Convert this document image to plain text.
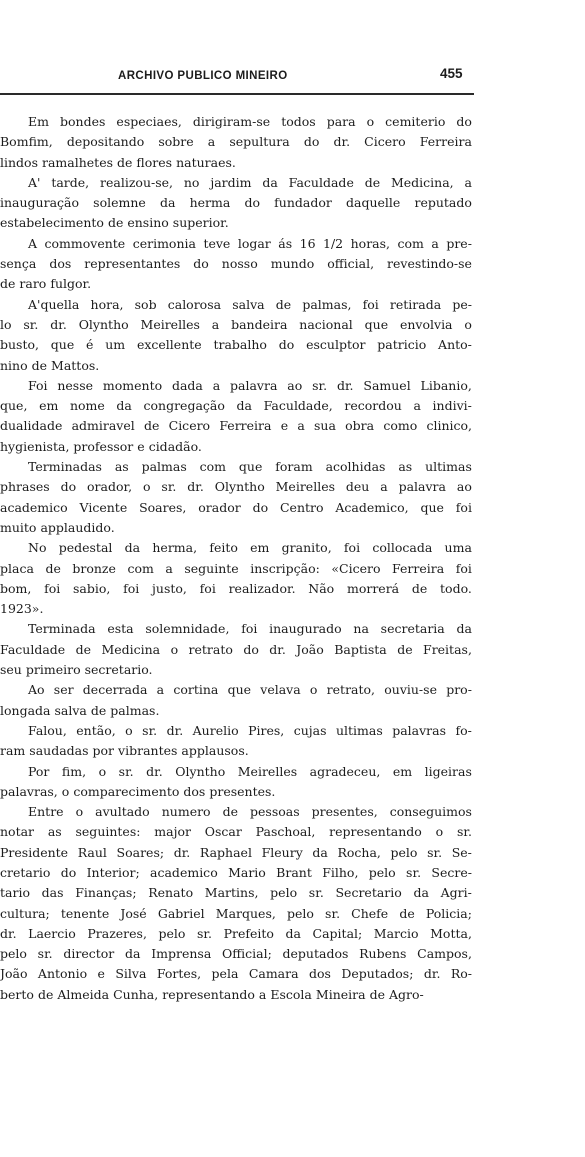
ARCHIVO PUBLICO MINEIRO	455
Em bondes especiaes, dirigiram-se todos para o cemiterio do
Bomfim, depositando sobre a sepultura do dr. Cicero Ferreira
lindos ramalhetes de flores naturaes.
A' tarde, realizou-se, no jardim da Faculdade de Medicina, a
inauguração solemne da herma do fundador daquelle reputado
estabelecimento de ensino superior.
A commovente cerimonia teve logar ás 16 1/2 horas, com a pre-
sença dos representantes do nosso mundo official, revestindo-se
de raro fulgor.
A'quella hora, sob calorosa salva de palmas, foi retirada pe-
lo sr. dr. Olyntho Meirelles a bandeira nacional que envolvia o
busto, que é um excellente trabalho do esculptor patricio Anto-
nino de Mattos.
Foi nesse momento dada a palavra ao sr. dr. Samuel Libanio,
que, em nome da congregação da Faculdade, recordou a indivi-
dualidade admiravel de Cicero Ferreira e a sua obra como clinico,
hygienista, professor e cidadão.
Terminadas as palmas com que foram acolhidas as ultimas
phrases do orador, o sr. dr. Olyntho Meirelles deu a palavra ao
academico Vicente Soares, orador do Centro Academico, que foi
muito applaudido.
No pedestal da herma, feito em granito, foi collocada uma
placa de bronze com a seguinte inscripção: «Cicero Ferreira foi
bom, foi sabio, foi justo, foi realizador. Não morrerá de todo.
1923».
Terminada esta solemnidade, foi inaugurado na secretaria da
Faculdade de Medicina o retrato do dr. João Baptista de Freitas,
seu primeiro secretario.
Ao ser decerrada a cortina que velava o retrato, ouviu-se pro-
longada salva de palmas.
Falou, então, o sr. dr. Aurelio Pires, cujas ultimas palavras fo-
ram saudadas por vibrantes applausos.
Por fim, o sr. dr. Olyntho Meirelles agradeceu, em ligeiras
palavras, o comparecimento dos presentes.
Entre o avultado numero de pessoas presentes, conseguimos
notar as seguintes: major Oscar Paschoal, representando o sr.
Presidente Raul Soares; dr. Raphael Fleury da Rocha, pelo sr. Se-
cretario do Interior; academico Mario Brant Filho, pelo sr. Secre-
tario das Finanças; Renato Martins, pelo sr. Secretario da Agri-
cultura; tenente José Gabriel Marques, pelo sr. Chefe de Policia;
dr. Laercio Prazeres, pelo sr. Prefeito da Capital; Marcio Motta,
pelo sr. director da Imprensa Official; deputados Rubens Campos,
João Antonio e Silva Fortes, pela Camara dos Deputados; dr. Ro-
berto de Almeida Cunha, representando a Escola Mineira de Agro-
